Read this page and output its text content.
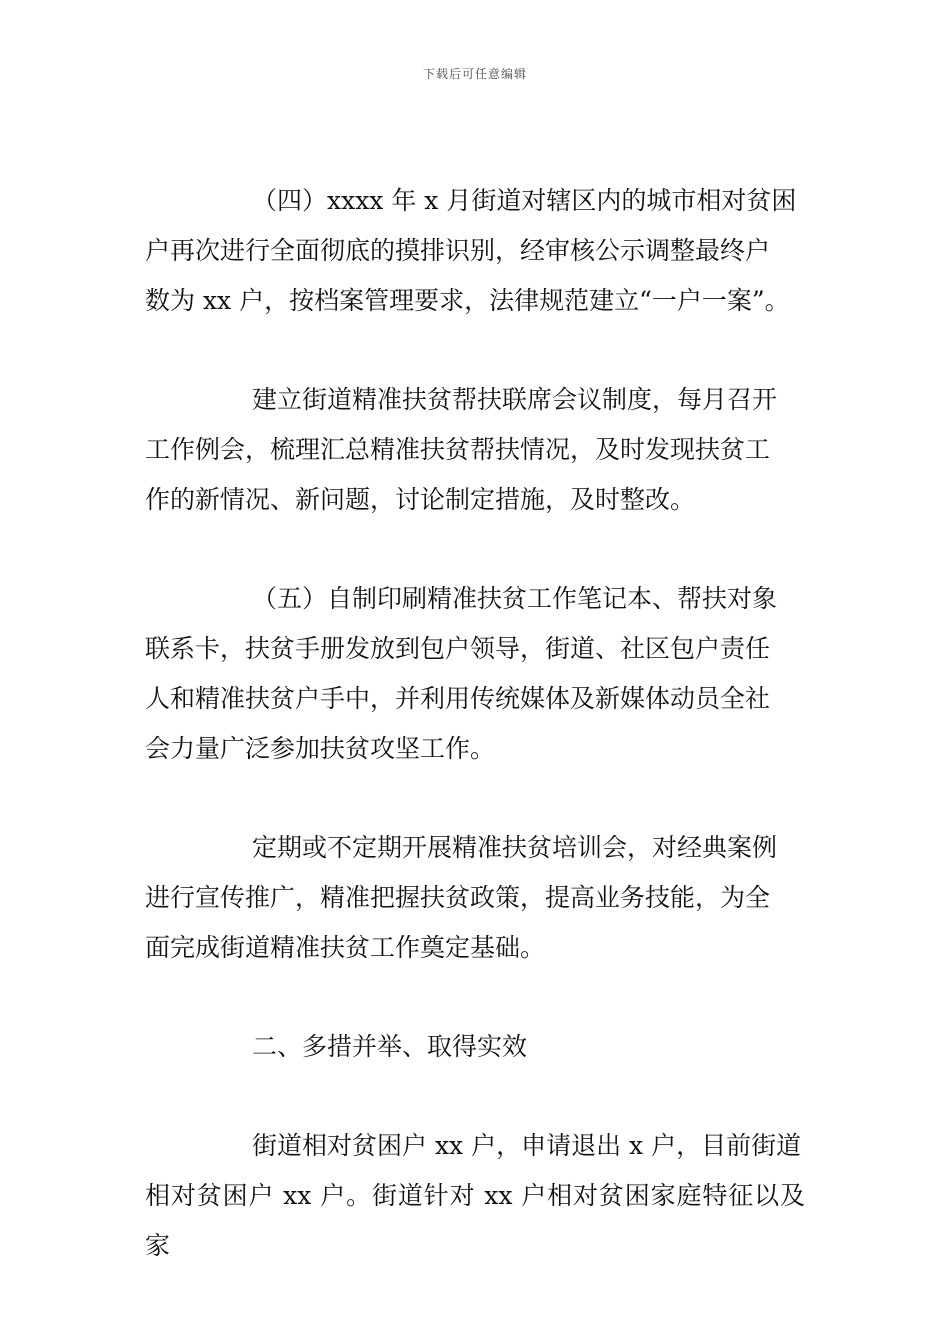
下载后可任意编辑

（四）xxxx 年 x 月街道对辖区内的城市相对贫困
户再次进行全面彻底的摸排识别，经审核公示调整最终户
数为 xx 户，按档案管理要求，法律规范建立“一户一案”。

建立街道精准扶贫帮扶联席会议制度，每月召开
工作例会，梳理汇总精准扶贫帮扶情况，及时发现扶贫工
作的新情况、新问题，讨论制定措施，及时整改。

（五）自制印刷精准扶贫工作笔记本、帮扶对象
联系卡，扶贫手册发放到包户领导，街道、社区包户责任
人和精准扶贫户手中，并利用传统媒体及新媒体动员全社
会力量广泛参加扶贫攻坚工作。

定期或不定期开展精准扶贫培训会，对经典案例
进行宣传推广，精准把握扶贫政策，提高业务技能，为全
面完成街道精准扶贫工作奠定基础。

二、多措并举、取得实效

街道相对贫困户 xx 户，申请退出 x 户，目前街道
相对贫困户 xx 户。街道针对 xx 户相对贫困家庭特征以及家
